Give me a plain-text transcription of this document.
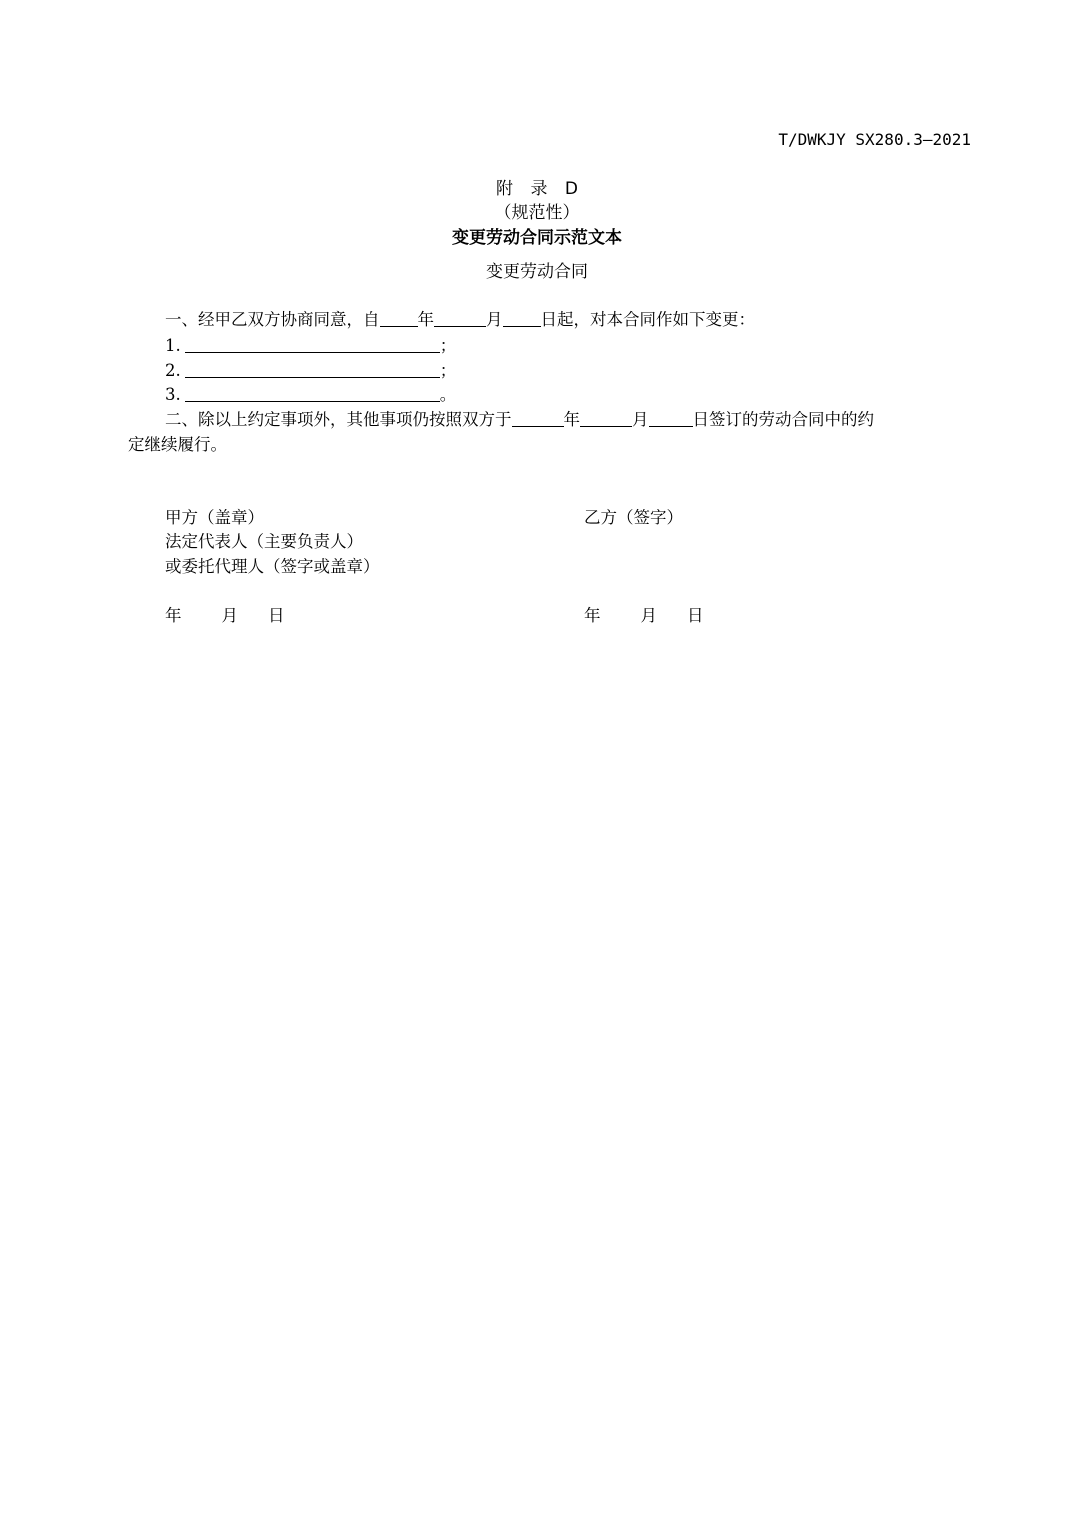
T/DWKJY SX280.3—2021
附 录 D
（规范性）
变更劳动合同示范文本
变更劳动合同
一、经甲乙双方协商同意，自 年	月 日起，对本合同作如下变更：
1.	；
2.	；
3.	。
二、除以上约定事项外，其他事项仍按照双方于	年	月	日签订的劳动合同中的约
定继续履行。
甲方（盖章）
法定代表人（主要负责人）
或委托代理人（签字或盖章）
年 月 日
乙方（签字）
年 月 日
